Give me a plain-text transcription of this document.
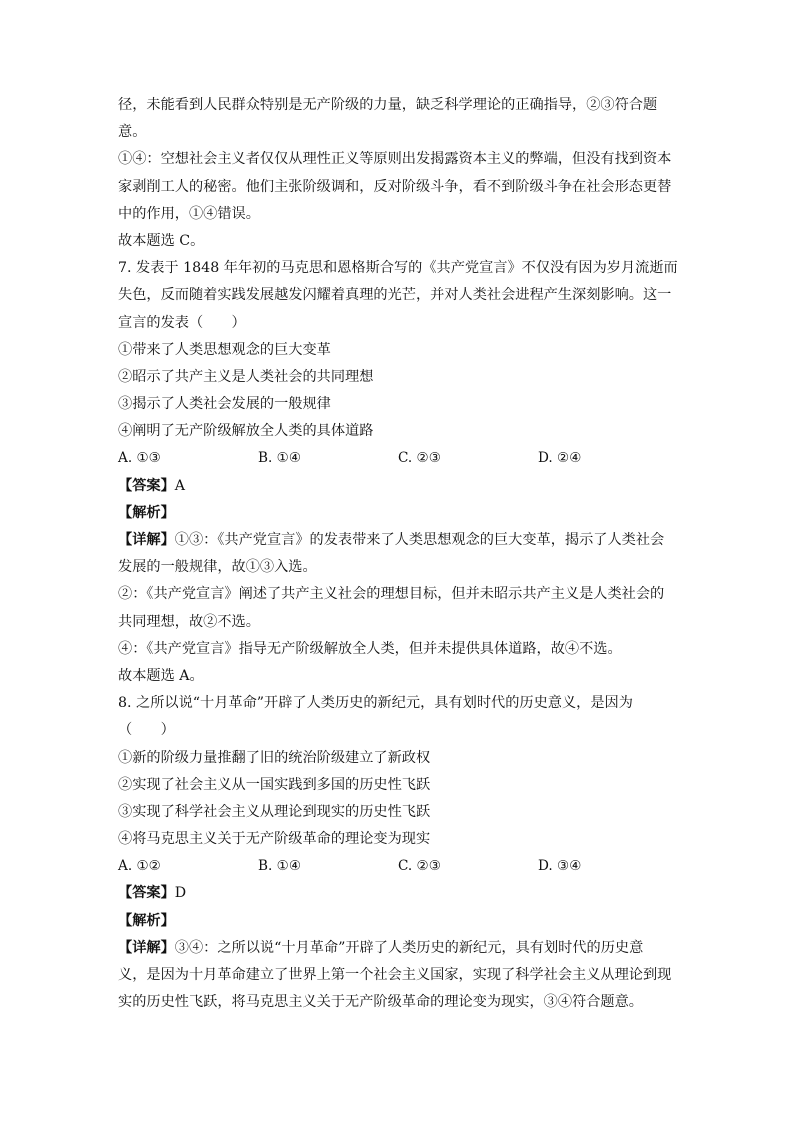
径，未能看到人民群众特别是无产阶级的力量，缺乏科学理论的正确指导，②③符合题
意。
①④：空想社会主义者仅仅从理性正义等原则出发揭露资本主义的弊端，但没有找到资本
家剥削工人的秘密。他们主张阶级调和，反对阶级斗争，看不到阶级斗争在社会形态更替
中的作用，①④错误。
故本题选 C。
7. 发表于 1848 年年初的马克思和恩格斯合写的《共产党宣言》不仅没有因为岁月流逝而
失色，反而随着实践发展越发闪耀着真理的光芒，并对人类社会进程产生深刻影响。这一
宣言的发表（　　）
①带来了人类思想观念的巨大变革
②昭示了共产主义是人类社会的共同理想
③揭示了人类社会发展的一般规律
④阐明了无产阶级解放全人类的具体道路
A. ①③	B. ①④	C. ②③	D. ②④
【答案】A
【解析】
【详解】①③：《共产党宣言》的发表带来了人类思想观念的巨大变革，揭示了人类社会
发展的一般规律，故①③入选。
②：《共产党宣言》阐述了共产主义社会的理想目标，但并未昭示共产主义是人类社会的
共同理想，故②不选。
④：《共产党宣言》指导无产阶级解放全人类，但并未提供具体道路，故④不选。
故本题选 A。
8. 之所以说“十月革命”开辟了人类历史的新纪元，具有划时代的历史意义，是因为
（　　）
①新的阶级力量推翻了旧的统治阶级建立了新政权
②实现了社会主义从一国实践到多国的历史性飞跃
③实现了科学社会主义从理论到现实的历史性飞跃
④将马克思主义关于无产阶级革命的理论变为现实
A. ①②	B. ①④	C. ②③	D. ③④
【答案】D
【解析】
【详解】③④：之所以说“十月革命”开辟了人类历史的新纪元，具有划时代的历史意
义，是因为十月革命建立了世界上第一个社会主义国家，实现了科学社会主义从理论到现
实的历史性飞跃，将马克思主义关于无产阶级革命的理论变为现实，③④符合题意。
